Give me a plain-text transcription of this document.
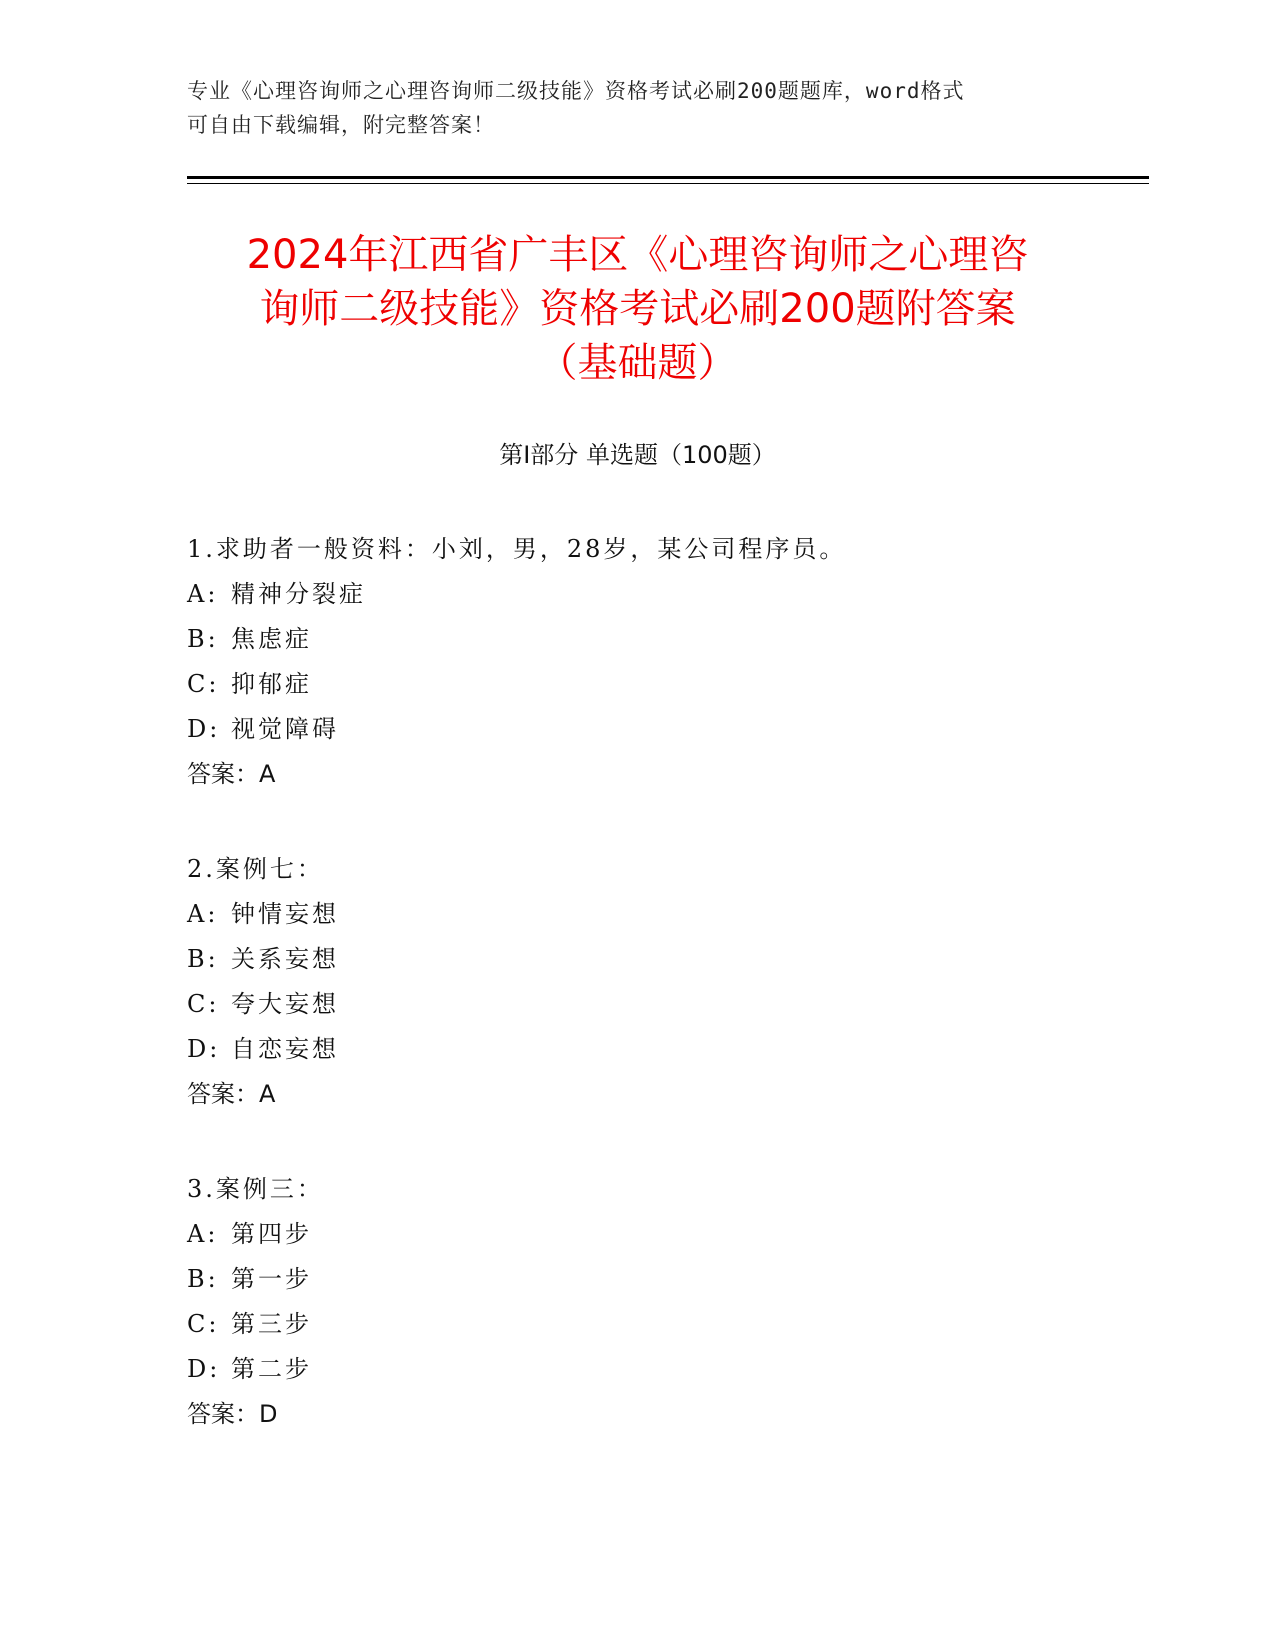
专业《心理咨询师之心理咨询师二级技能》资格考试必刷200题题库，word格式
可自由下载编辑，附完整答案！
2024年江西省广丰区《心理咨询师之心理咨
询师二级技能》资格考试必刷200题附答案
（基础题）
第Ⅰ部分 单选题（100题）
1.求助者一般资料：小刘，男，28岁，某公司程序员。
A: 精神分裂症
B: 焦虑症
C: 抑郁症
D: 视觉障碍
答案：A
2.案例七：
A: 钟情妄想
B: 关系妄想
C: 夸大妄想
D: 自恋妄想
答案：A
3.案例三：
A: 第四步
B: 第一步
C: 第三步
D: 第二步
答案：D
